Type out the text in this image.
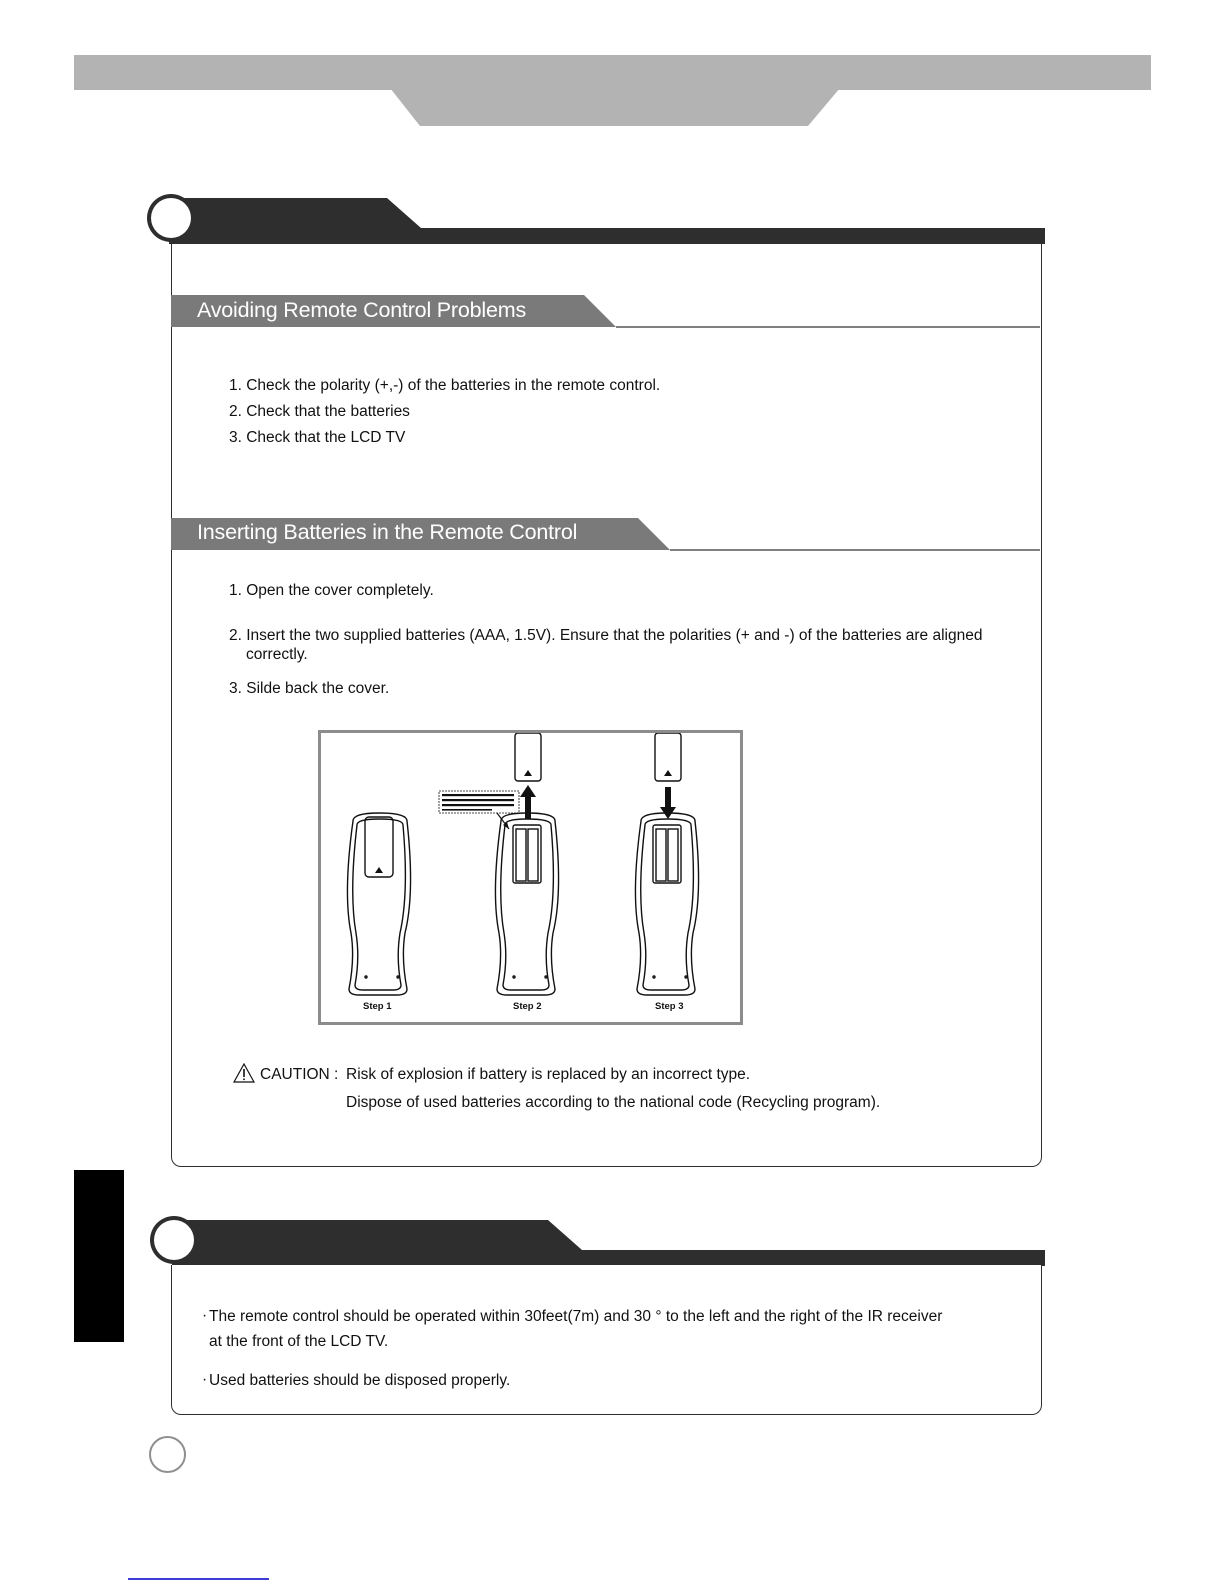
Avoiding Remote Control Problems
1. Check the polarity (+,-) of the batteries in the remote control.
2. Check that the batteries
3. Check that the LCD TV
Inserting Batteries in the Remote Control
1. Open the cover completely.
2. Insert the two supplied batteries (AAA, 1.5V). Ensure that the polarities (+ and -) of the batteries are aligned
correctly.
3. Silde back the cover.
Step 1	Step 2	Step 3
CAUTION : Risk of explosion if battery is replaced by an incorrect type.
Dispose of used batteries according to the national code (Recycling program).
· The remote control should be operated within 30feet(7m) and 30 ° to the left and the right of the IR receiver
at the front of the LCD TV.
· Used batteries should be disposed properly.
